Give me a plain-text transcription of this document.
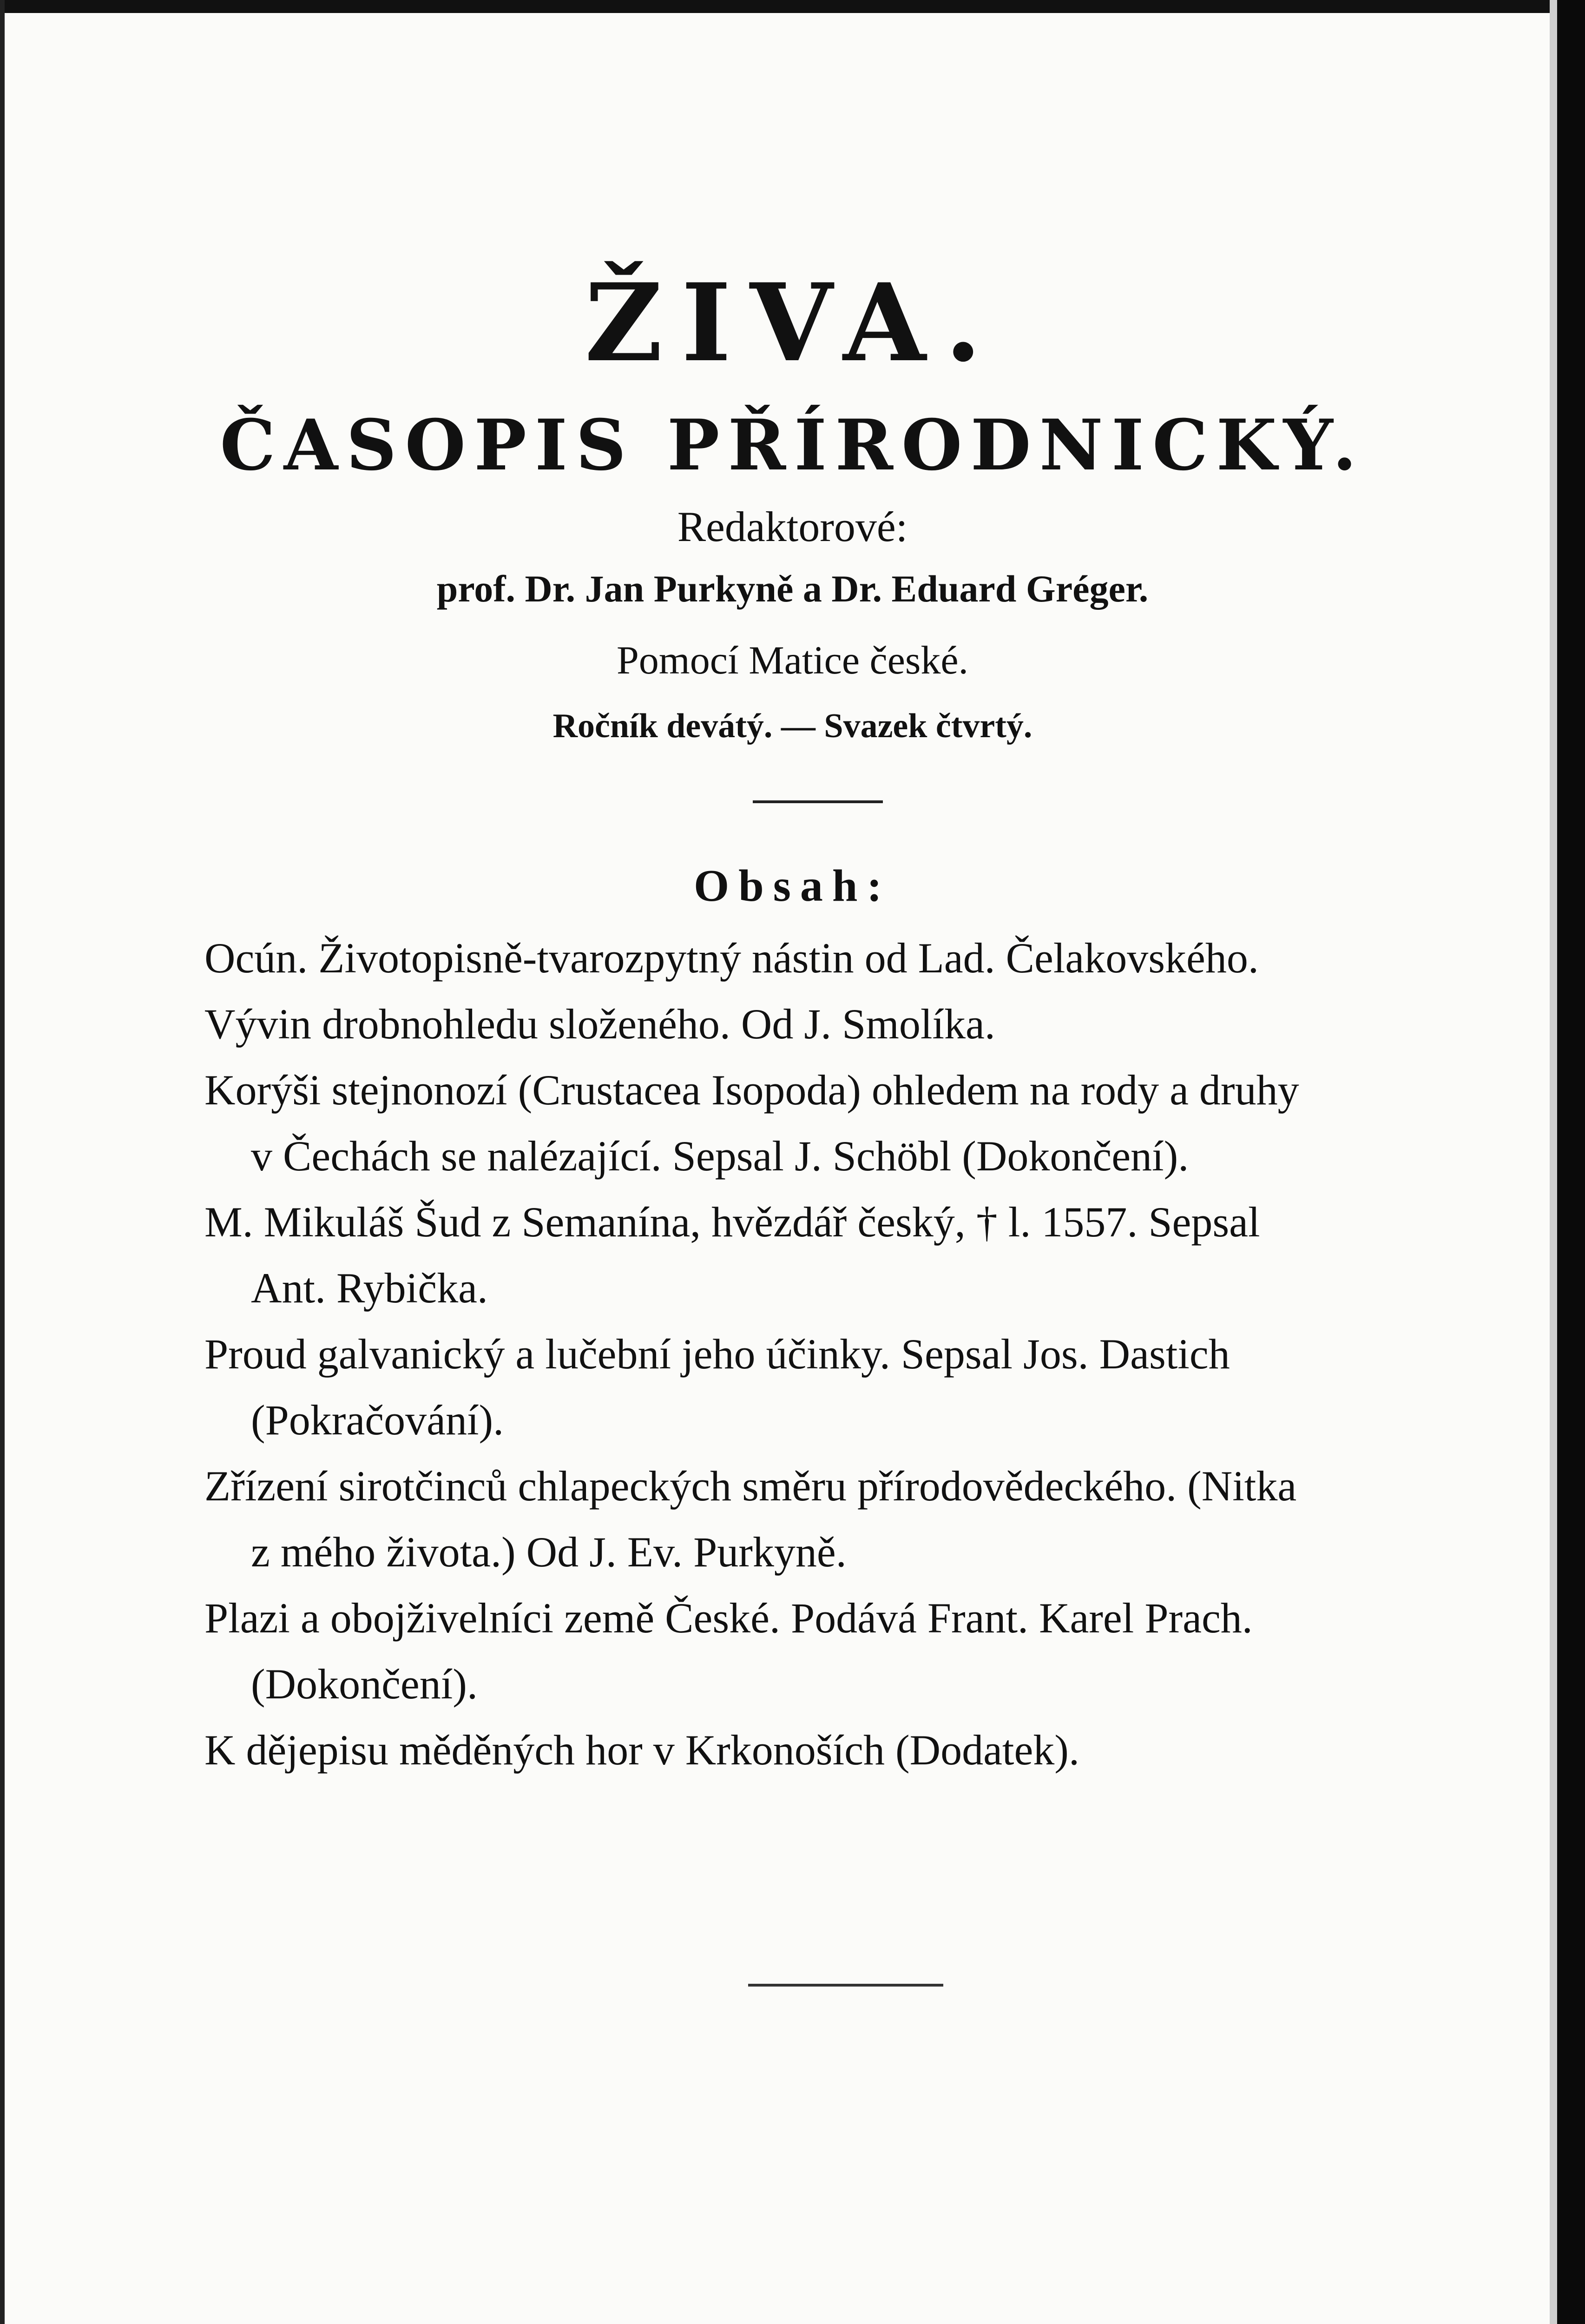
ŽIVA.
ČASOPIS PŘÍRODNICKÝ.
Redaktorové:
prof. Dr. Jan Purkyně a Dr. Eduard Gréger.
Pomocí Matice české.
Ročník devátý. — Svazek čtvrtý.
Obsah:
Ocún. Životopisně-tvarozpytný nástin od Lad. Čelakovského.
Vývin drobnohledu složeného. Od J. Smolíka.
Korýši stejnonozí (Crustacea Isopoda) ohledem na rody a druhy
v Čechách se nalézající. Sepsal J. Schöbl (Dokončení).
M. Mikuláš Šud z Semanína, hvězdář český, † l. 1557. Sepsal
Ant. Rybička.
Proud galvanický a lučební jeho účinky. Sepsal Jos. Dastich
(Pokračování).
Zřízení sirotčinců chlapeckých směru přírodovědeckého. (Nitka
z mého života.) Od J. Ev. Purkyně.
Plazi a obojživelníci země České. Podává Frant. Karel Prach.
(Dokončení).
K dějepisu měděných hor v Krkonoších (Dodatek).
